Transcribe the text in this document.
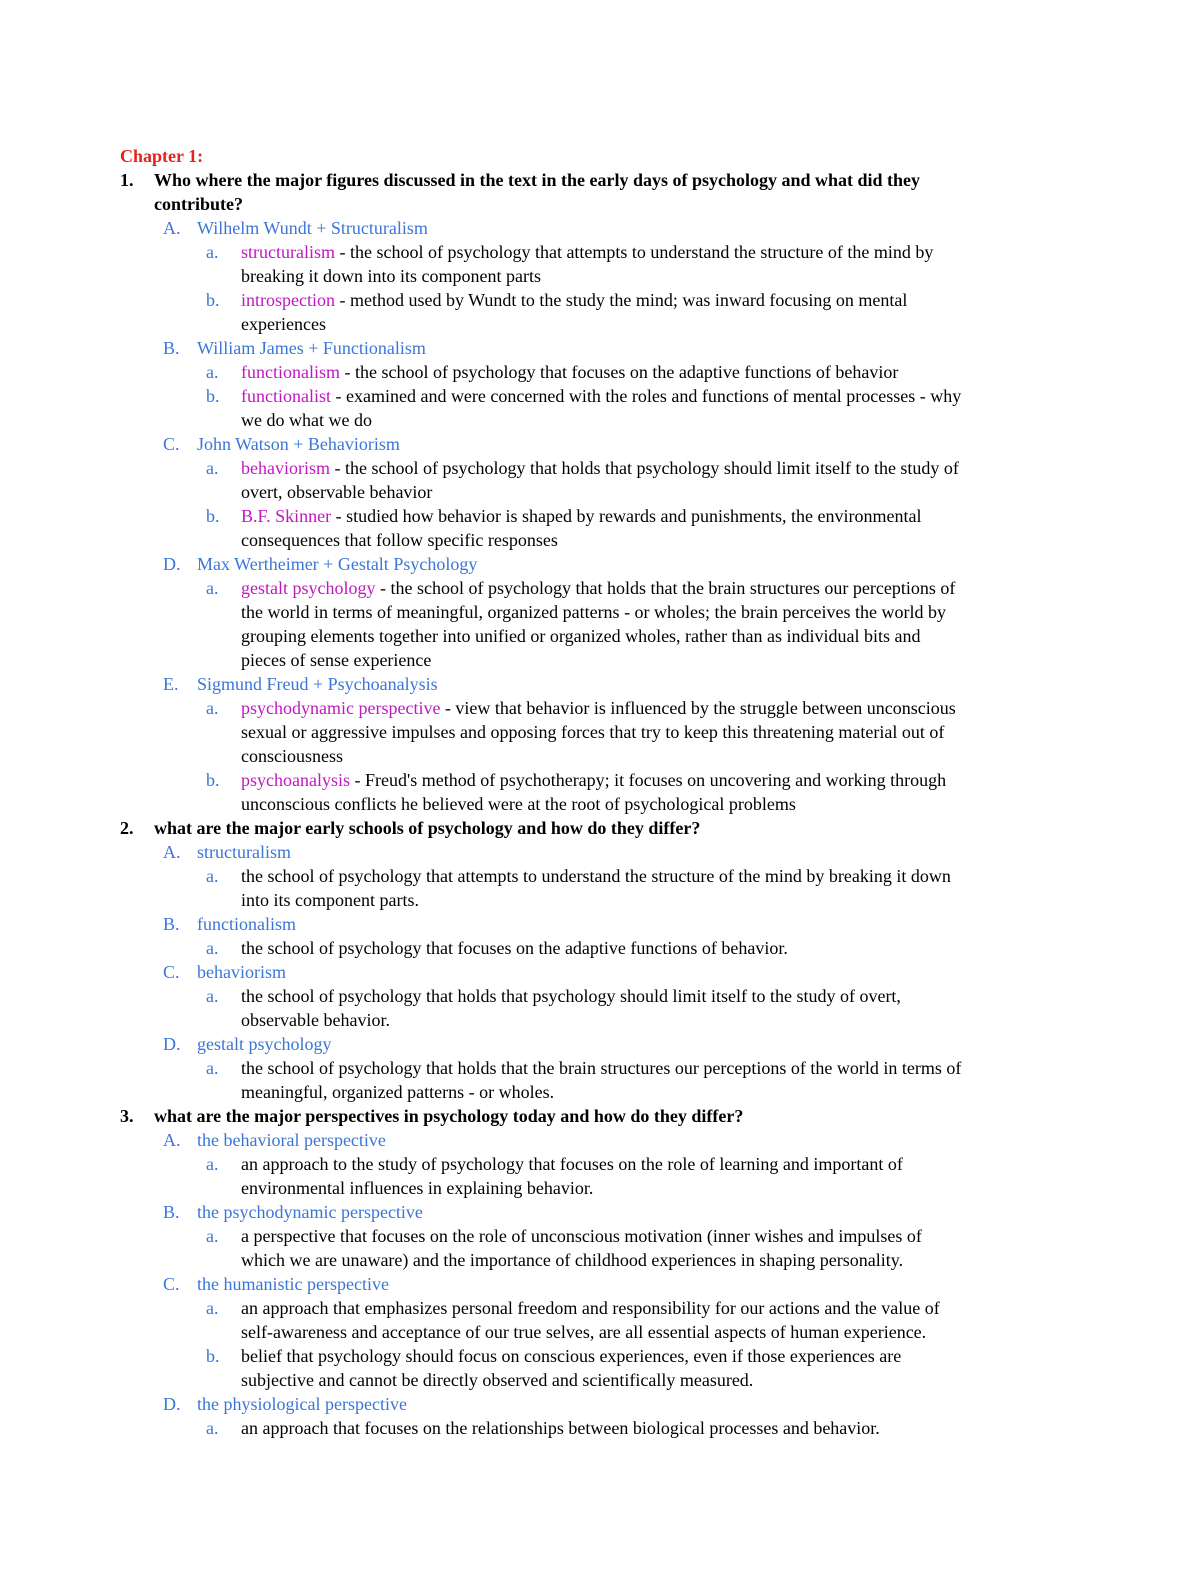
Chapter 1:

1.	Who where the major figures discussed in the text in the early days of psychology and what did they
contribute?
A. Wilhelm Wundt + Structuralism
a.	structuralism - the school of psychology that attempts to understand the structure of the mind by
breaking it down into its component parts
b.	introspection - method used by Wundt to the study the mind; was inward focusing on mental
experiences
B. William James + Functionalism
a.	functionalism - the school of psychology that focuses on the adaptive functions of behavior
b.	functionalist - examined and were concerned with the roles and functions of mental processes - why
we do what we do
C. John Watson + Behaviorism
a.	behaviorism - the school of psychology that holds that psychology should limit itself to the study of
overt, observable behavior
b.	B.F. Skinner - studied how behavior is shaped by rewards and punishments, the environmental
consequences that follow specific responses
D. Max Wertheimer + Gestalt Psychology
a.	gestalt psychology - the school of psychology that holds that the brain structures our perceptions of
the world in terms of meaningful, organized patterns - or wholes; the brain perceives the world by
grouping elements together into unified or organized wholes, rather than as individual bits and
pieces of sense experience
E.	Sigmund Freud + Psychoanalysis
a.	psychodynamic perspective - view that behavior is influenced by the struggle between unconscious
sexual or aggressive impulses and opposing forces that try to keep this threatening material out of
consciousness
b.	psychoanalysis - Freud's method of psychotherapy; it focuses on uncovering and working through
unconscious conflicts he believed were at the root of psychological problems
2.	what are the major early schools of psychology and how do they differ?
A. structuralism
a.	the school of psychology that attempts to understand the structure of the mind by breaking it down
into its component parts.
B. functionalism
a.	the school of psychology that focuses on the adaptive functions of behavior.
C. behaviorism
a.	the school of psychology that holds that psychology should limit itself to the study of overt,
observable behavior.
D. gestalt psychology
a.	the school of psychology that holds that the brain structures our perceptions of the world in terms of
meaningful, organized patterns - or wholes.
3.	what are the major perspectives in psychology today and how do they differ?
A. the behavioral perspective
a.	an approach to the study of psychology that focuses on the role of learning and important of
environmental influences in explaining behavior.
B. the psychodynamic perspective
a.	a perspective that focuses on the role of unconscious motivation (inner wishes and impulses of
which we are unaware) and the importance of childhood experiences in shaping personality.
C. the humanistic perspective
a.	an approach that emphasizes personal freedom and responsibility for our actions and the value of
self-awareness and acceptance of our true selves, are all essential aspects of human experience.
b.	belief that psychology should focus on conscious experiences, even if those experiences are
subjective and cannot be directly observed and scientifically measured.
D. the physiological perspective
a.	an approach that focuses on the relationships between biological processes and behavior.
